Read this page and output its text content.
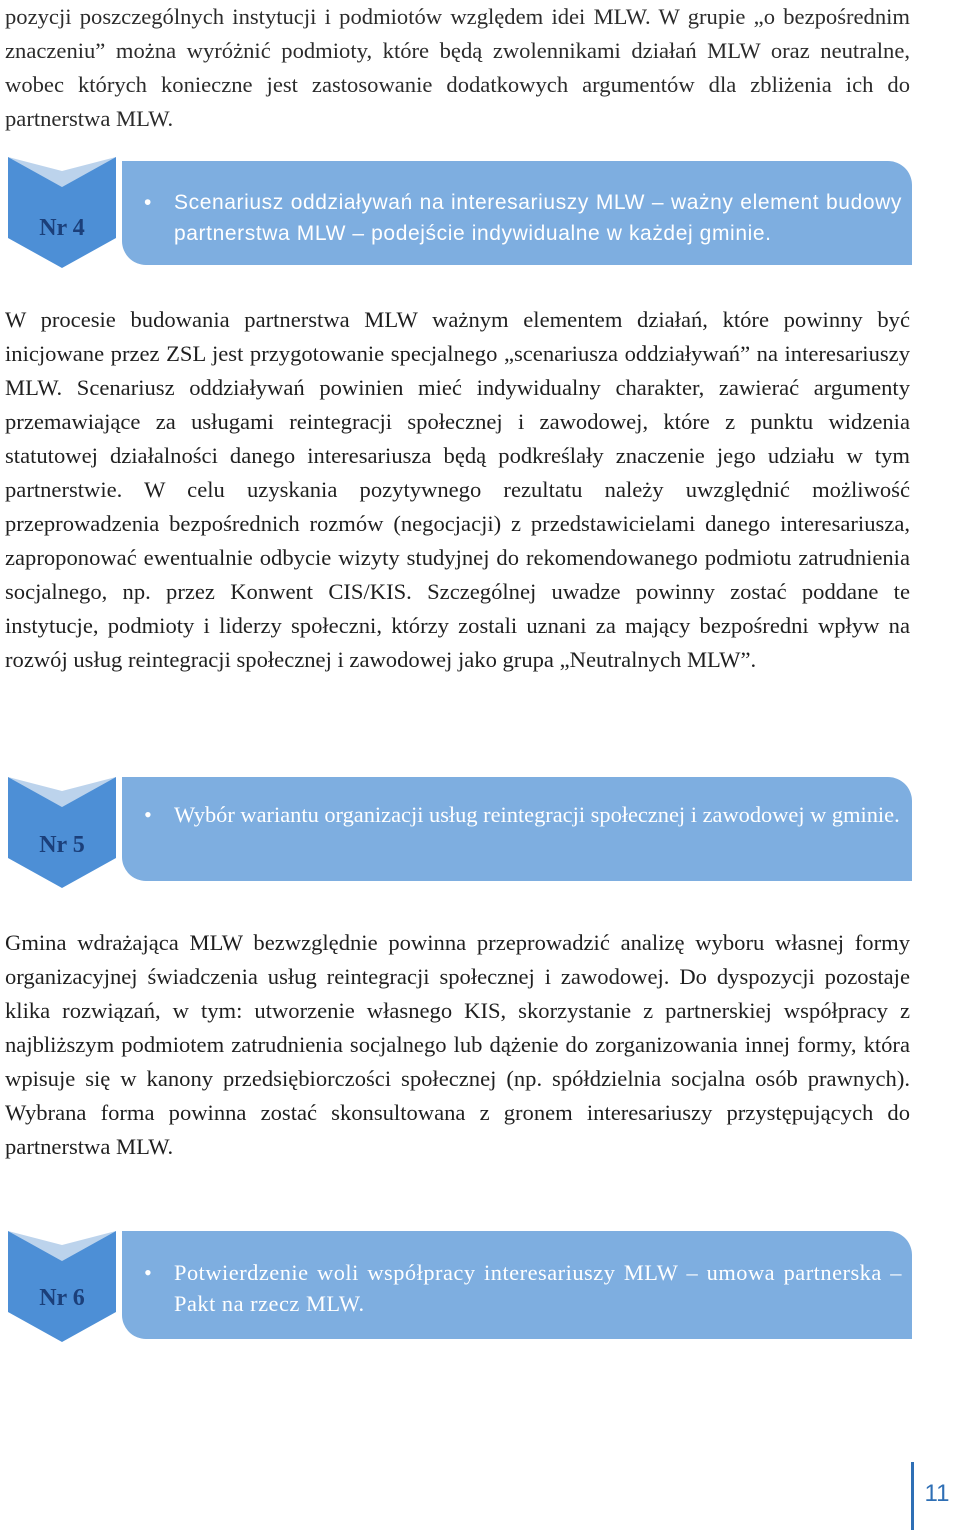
pozycji poszczególnych instytucji i podmiotów względem idei MLW. W grupie „o bezpośrednim znaczeniu” można wyróżnić podmioty, które będą zwolennikami działań MLW oraz neutralne, wobec których konieczne jest zastosowanie dodatkowych argumentów dla zbliżenia ich do partnerstwa MLW.

Nr 4
•	Scenariusz oddziaływań na interesariuszy MLW – ważny element budowy partnerstwa MLW – podejście indywidualne w każdej gminie.

W procesie budowania partnerstwa MLW ważnym elementem działań, które powinny być inicjowane przez ZSL jest przygotowanie specjalnego „scenariusza oddziaływań” na interesariuszy MLW. Scenariusz oddziaływań powinien mieć indywidualny charakter, zawierać argumenty przemawiające za usługami reintegracji społecznej i zawodowej, które z punktu widzenia statutowej działalności danego interesariusza będą podkreślały znaczenie jego udziału w tym partnerstwie. W celu uzyskania pozytywnego rezultatu należy uwzględnić możliwość przeprowadzenia bezpośrednich rozmów (negocjacji) z przedstawicielami danego interesariusza, zaproponować ewentualnie odbycie wizyty studyjnej do rekomendowanego podmiotu zatrudnienia socjalnego, np. przez Konwent CIS/KIS. Szczególnej uwadze powinny zostać poddane te instytucje, podmioty i liderzy społeczni, którzy zostali uznani za mający bezpośredni wpływ na rozwój usług reintegracji społecznej i zawodowej jako grupa „Neutralnych MLW”.

Nr 5
• Wybór wariantu organizacji usług reintegracji społecznej i zawodowej w gminie.

Gmina wdrażająca MLW bezwzględnie powinna przeprowadzić analizę wyboru własnej formy organizacyjnej świadczenia usług reintegracji społecznej i zawodowej. Do dyspozycji pozostaje klika rozwiązań, w tym: utworzenie własnego KIS, skorzystanie z partnerskiej współpracy z najbliższym podmiotem zatrudnienia socjalnego lub dążenie do zorganizowania innej formy, która wpisuje się w kanony przedsiębiorczości społecznej (np. spółdzielnia socjalna osób prawnych). Wybrana forma powinna zostać skonsultowana z gronem interesariuszy przystępujących do partnerstwa MLW.

Nr 6
• Potwierdzenie woli współpracy interesariuszy MLW – umowa partnerska – Pakt na rzecz MLW.
11
